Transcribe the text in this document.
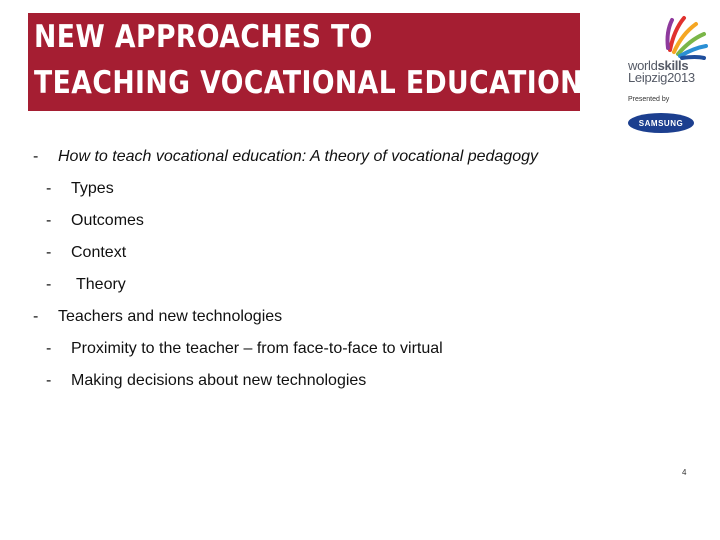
NEW APPROACHES TO
TEACHING VOCATIONAL EDUCATION	worldskills
Leipzig2013
Presented by
SAMSUNG
- How to teach vocational education: A theory of vocational pedagogy
- Types
- Outcomes
- Context
- Theory
- Teachers and new technologies
- Proximity to the teacher – from face-to-face to virtual
- Making decisions about new technologies
4
